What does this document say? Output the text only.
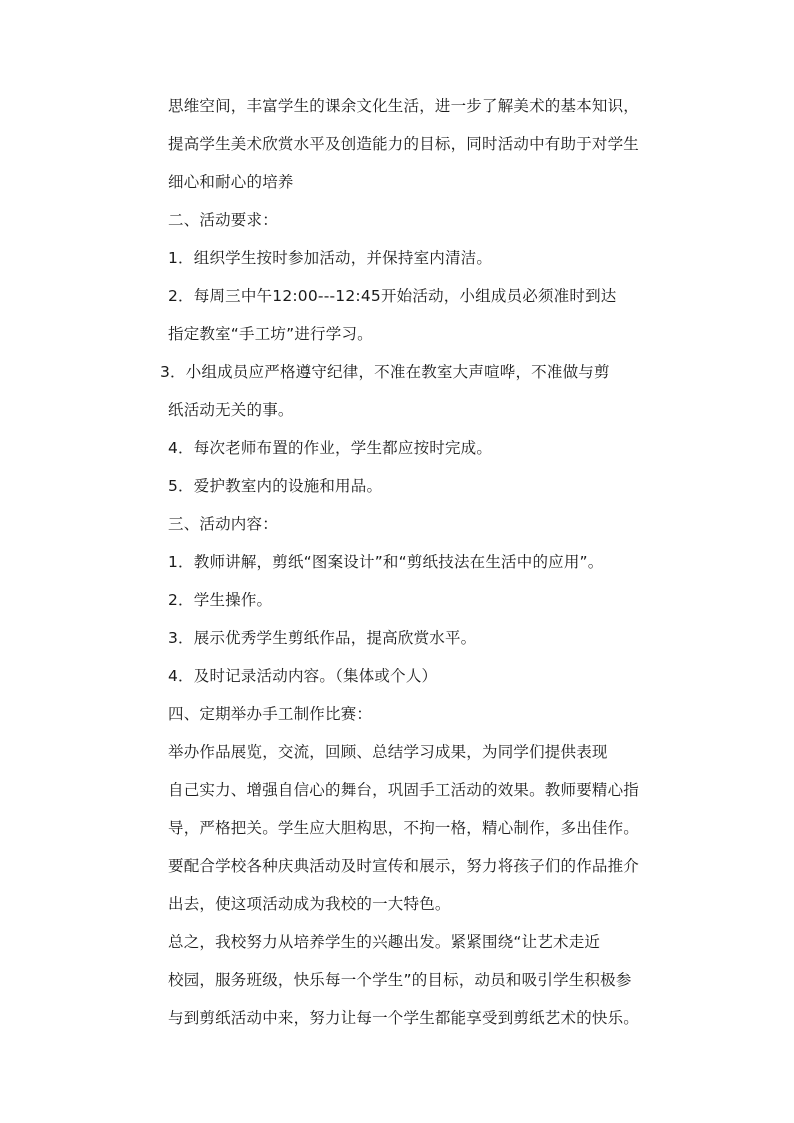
思维空间，丰富学生的课余文化生活，进一步了解美术的基本知识，
提高学生美术欣赏水平及创造能力的目标，同时活动中有助于对学生
细心和耐心的培养
二、活动要求：
1．组织学生按时参加活动，并保持室内清洁。
2．每周三中午12:00---12:45开始活动，小组成员必须准时到达
指定教室“手工坊”进行学习。
3．小组成员应严格遵守纪律，不准在教室大声喧哗，不准做与剪
纸活动无关的事。
4．每次老师布置的作业，学生都应按时完成。
5．爱护教室内的设施和用品。
三、活动内容：
1．教师讲解，剪纸“图案设计”和“剪纸技法在生活中的应用”。
2．学生操作。
3．展示优秀学生剪纸作品，提高欣赏水平。
4．及时记录活动内容。（集体或个人）
四、定期举办手工制作比赛：
举办作品展览，交流，回顾、总结学习成果，为同学们提供表现
自己实力、增强自信心的舞台，巩固手工活动的效果。教师要精心指
导，严格把关。学生应大胆构思，不拘一格，精心制作，多出佳作。
要配合学校各种庆典活动及时宣传和展示，努力将孩子们的作品推介
出去，使这项活动成为我校的一大特色。
总之，我校努力从培养学生的兴趣出发。紧紧围绕“让艺术走近
校园，服务班级，快乐每一个学生”的目标，动员和吸引学生积极参
与到剪纸活动中来，努力让每一个学生都能享受到剪纸艺术的快乐。
